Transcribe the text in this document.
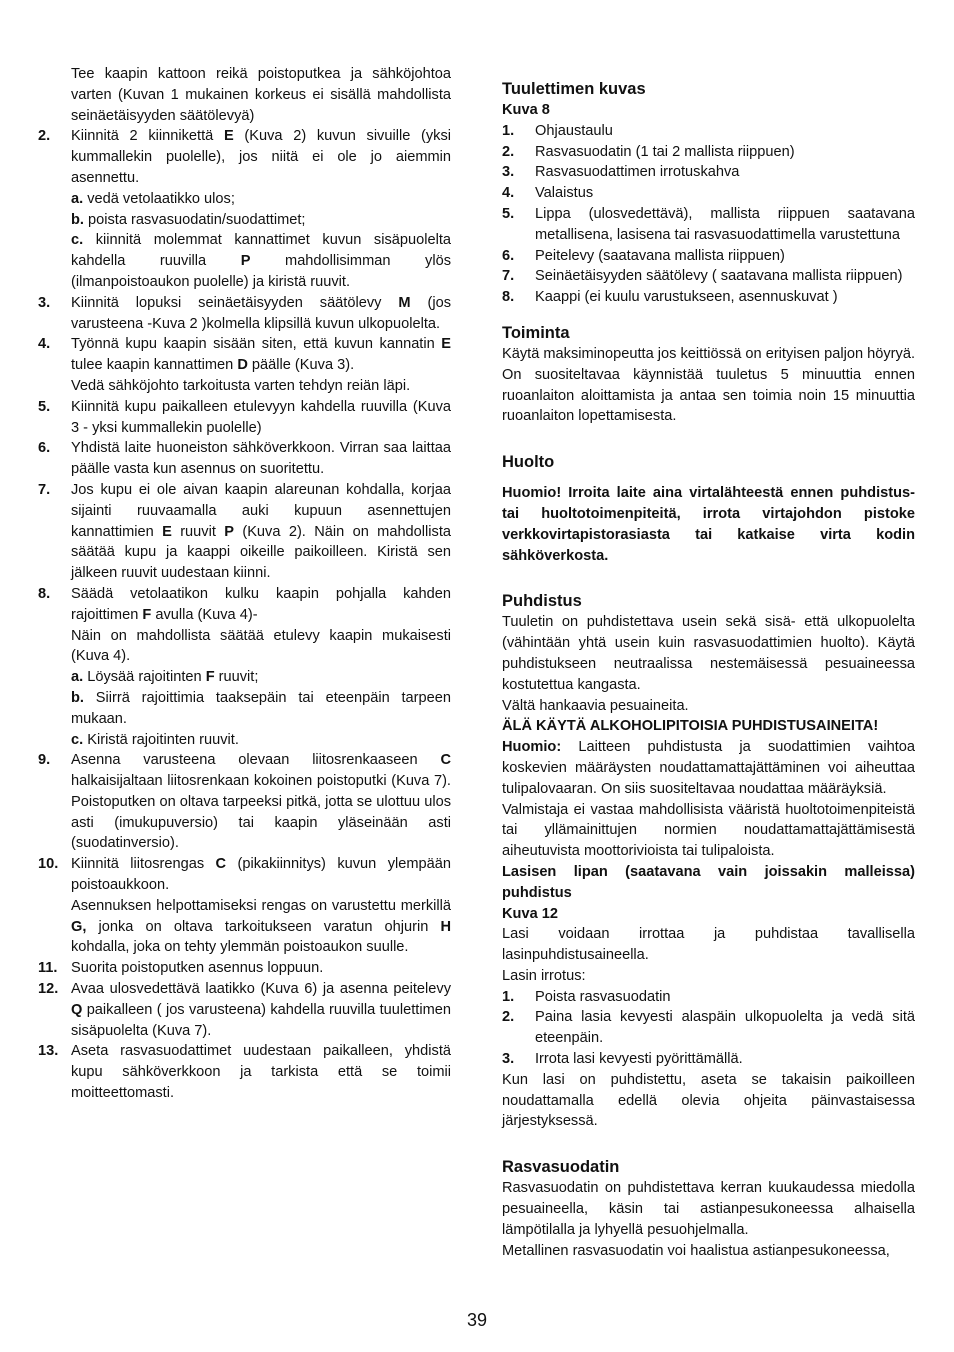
Tee kaapin kattoon reikä poistoputkea ja sähköjohtoa varten (Kuvan 1 mukainen korkeus ei sisällä mahdollista seinäetäisyyden säätölevyä)

2.	Kiinnitä 2 kiinnikettä E (Kuva 2) kuvun sivuille (yksi kummallekin puolelle), jos niitä ei ole jo aiemmin asennettu.

a. vedä vetolaatikko ulos;

b. poista rasvasuodatin/suodattimet;

c. kiinnitä molemmat kannattimet kuvun sisäpuolelta kahdella ruuvilla P mahdollisimman ylös (ilmanpoistoaukon puolelle) ja kiristä ruuvit.

3.	Kiinnitä lopuksi seinäetäisyyden säätölevy M (jos varusteena -Kuva 2 )kolmella klipsillä kuvun ulkopuolelta.

4.	Työnnä kupu kaapin sisään siten, että kuvun kannatin E tulee kaapin kannattimen D päälle (Kuva 3).

Vedä sähköjohto tarkoitusta varten tehdyn reiän läpi.

5.	Kiinnitä kupu paikalleen etulevyyn kahdella ruuvilla (Kuva 3 - yksi kummallekin puolelle)

6.	Yhdistä laite huoneiston sähköverkkoon. Virran saa laittaa päälle vasta kun asennus on suoritettu.

7.	Jos kupu ei ole aivan kaapin alareunan kohdalla, korjaa sijainti ruuvaamalla auki kupuun asennettujen kannattimien E ruuvit P (Kuva 2). Näin on mahdollista säätää kupu ja kaappi oikeille paikoilleen. Kiristä sen jälkeen ruuvit uudestaan kiinni.

8.	Säädä vetolaatikon kulku kaapin pohjalla kahden rajoittimen F avulla (Kuva 4)-

Näin on mahdollista säätää etulevy kaapin mukaisesti (Kuva 4).

a. Löysää rajoitinten F ruuvit;

b. Siirrä rajoittimia taaksepäin tai eteenpäin tarpeen mukaan.

c. Kiristä rajoitinten ruuvit.

9.	Asenna varusteena olevaan liitosrenkaaseen C halkaisijaltaan liitosrenkaan kokoinen poistoputki (Kuva 7). Poistoputken on oltava tarpeeksi pitkä, jotta se ulottuu ulos asti (imukupuversio) tai kaapin yläseinään asti (suodatinversio).

10. Kiinnitä liitosrengas C (pikakiinnitys) kuvun ylempään poistoaukkoon.

Asennuksen helpottamiseksi rengas on varustettu merkillä G, jonka on oltava tarkoitukseen varatun ohjurin H kohdalla, joka on tehty ylemmän poistoaukon suulle.

11. Suorita poistoputken asennus loppuun.

12. Avaa ulosvedettävä laatikko (Kuva 6) ja asenna peitelevy Q paikalleen ( jos varusteena) kahdella ruuvilla tuulettimen sisäpuolelta (Kuva 7).

13. Aseta rasvasuodattimet uudestaan paikalleen, yhdistä kupu sähköverkkoon ja tarkista että se toimii moitteettomasti.

Tuulettimen kuvas

Kuva 8

1.	Ohjaustaulu
2.	Rasvasuodatin (1 tai 2 mallista riippuen)
3.	Rasvasuodattimen irrotuskahva
4.	Valaistus
5.	Lippa (ulosvedettävä), mallista riippuen saatavana metallisena, lasisena tai rasvasuodattimella varustettuna
6.	Peitelevy (saatavana mallista riippuen)
7.	Seinäetäisyyden säätölevy ( saatavana mallista riippuen)
8.	Kaappi (ei kuulu varustukseen, asennuskuvat )
Toiminta

Käytä maksiminopeutta jos keittiössä on erityisen paljon höyryä. On suositeltavaa käynnistää tuuletus 5 minuuttia ennen ruoanlaiton aloittamista ja antaa sen toimia noin 15 minuuttia ruoanlaiton lopettamisesta.

Huolto

Huomio! Irroita laite aina virtalähteestä ennen puhdistus- tai huoltotoimenpiteitä, irrota virtajohdon pistoke verkkovirtapistorasiasta tai katkaise virta kodin sähköverkosta.

Puhdistus

Tuuletin on puhdistettava usein sekä sisä- että ulkopuolelta (vähintään yhtä usein kuin rasvasuodattimien huolto). Käytä puhdistukseen neutraalissa nestemäisessä pesuaineessa kostutettua kangasta.

Vältä hankaavia pesuaineita.

ÄLÄ KÄYTÄ ALKOHOLIPITOISIA PUHDISTUSAINEITA!

Huomio: Laitteen puhdistusta ja suodattimien vaihtoa koskevien määräysten noudattamattajättäminen voi aiheuttaa tulipalovaaran. On siis suositeltavaa noudattaa määräyksiä.

Valmistaja ei vastaa mahdollisista vääristä huoltotoimenpiteistä tai yllämainittujen normien noudattamattajättämisestä aiheutuvista moottorivioista tai tulipaloista.

Lasisen lipan (saatavana vain joissakin malleissa) puhdistus

Kuva 12

Lasi voidaan irrottaa ja puhdistaa tavallisella lasinpuhdistusaineella.

Lasin irrotus:

1.	Poista rasvasuodatin
2.	Paina lasia kevyesti alaspäin ulkopuolelta ja vedä sitä eteenpäin.
3.	Irrota lasi kevyesti pyörittämällä.

Kun lasi on puhdistettu, aseta se takaisin paikoilleen noudattamalla edellä olevia ohjeita päinvastaisessa järjestyksessä.

Rasvasuodatin

Rasvasuodatin on puhdistettava kerran kuukaudessa miedolla pesuaineella, käsin tai astianpesukoneessa alhaisella lämpötilalla ja lyhyellä pesuohjelmalla.

Metallinen rasvasuodatin voi haalistua astianpesukoneessa,

39
